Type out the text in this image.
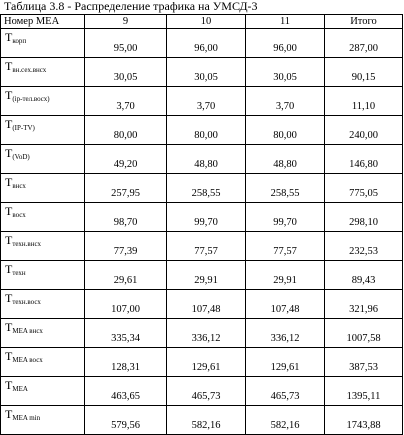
Таблица 3.8 - Распределение трафика на УМСД-3
Номер МЕА	9	10	11	Итого
$T_{корп}$	95,00	96,00	96,00	287,00
$T_{вн.сеx.внсх}$	30,05	30,05	30,05	90,15
$T_{(ip-тел.восх)}$	3,70	3,70	3,70	11,10
$T_{(IP-TV)}$	80,00	80,00	80,00	240,00
$T_{(VoD)}$	49,20	48,80	48,80	146,80
$T_{внсх}$	257,95	258,55	258,55	775,05
$T_{восх}$	98,70	99,70	99,70	298,10
$T_{техн.внсх}$	77,39	77,57	77,57	232,53
$T_{техн}$	29,61	29,91	29,91	89,43
$T_{техн.восх}$	107,00	107,48	107,48	321,96
$T_{MEA внсх}$	335,34	336,12	336,12	1007,58
$T_{MEA восх}$	128,31	129,61	129,61	387,53
$T_{MEA}$	463,65	465,73	465,73	1395,11
$T_{MEA min}$	579,56	582,16	582,16	1743,88
